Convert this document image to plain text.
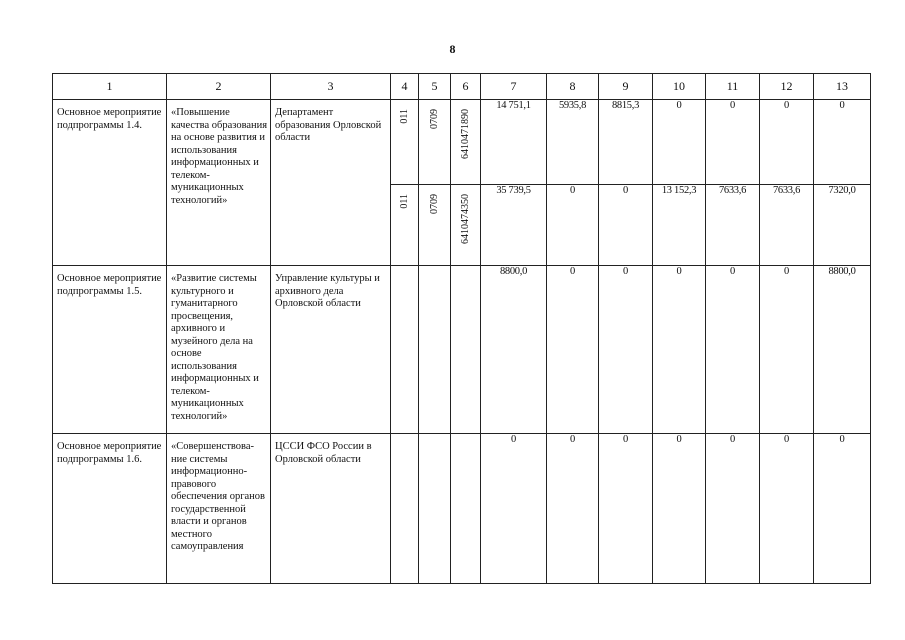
8
1	2	3	4	5	6	7	8	9	10	11	12	13

Основное мероприятие подпрограммы 1.4.	«Повышение качества образования на основе развития и использования информационных и телеком-муникационных технологий»	Департамент образования Орловской области	011	0709	6410471890	14 751,1	5935,8	8815,3	0	0	0	0

			011	0709	6410474350	35 739,5	0	0	13 152,3	7633,6	7633,6	7320,0

Основное мероприятие подпрограммы 1.5.	«Развитие системы культурного и гуманитарного просвещения, архивного и музейного дела на основе использования информационных и телеком-муникационных технологий»	Управление культуры и архивного дела Орловской области				8800,0	0	0	0	0	0	8800,0

Основное мероприятие подпрограммы 1.6.	«Совершенствова-ние системы информационно-правового обеспечения органов государственной власти и органов местного самоуправления	ЦССИ ФСО России в Орловской области				0	0	0	0	0	0	0
